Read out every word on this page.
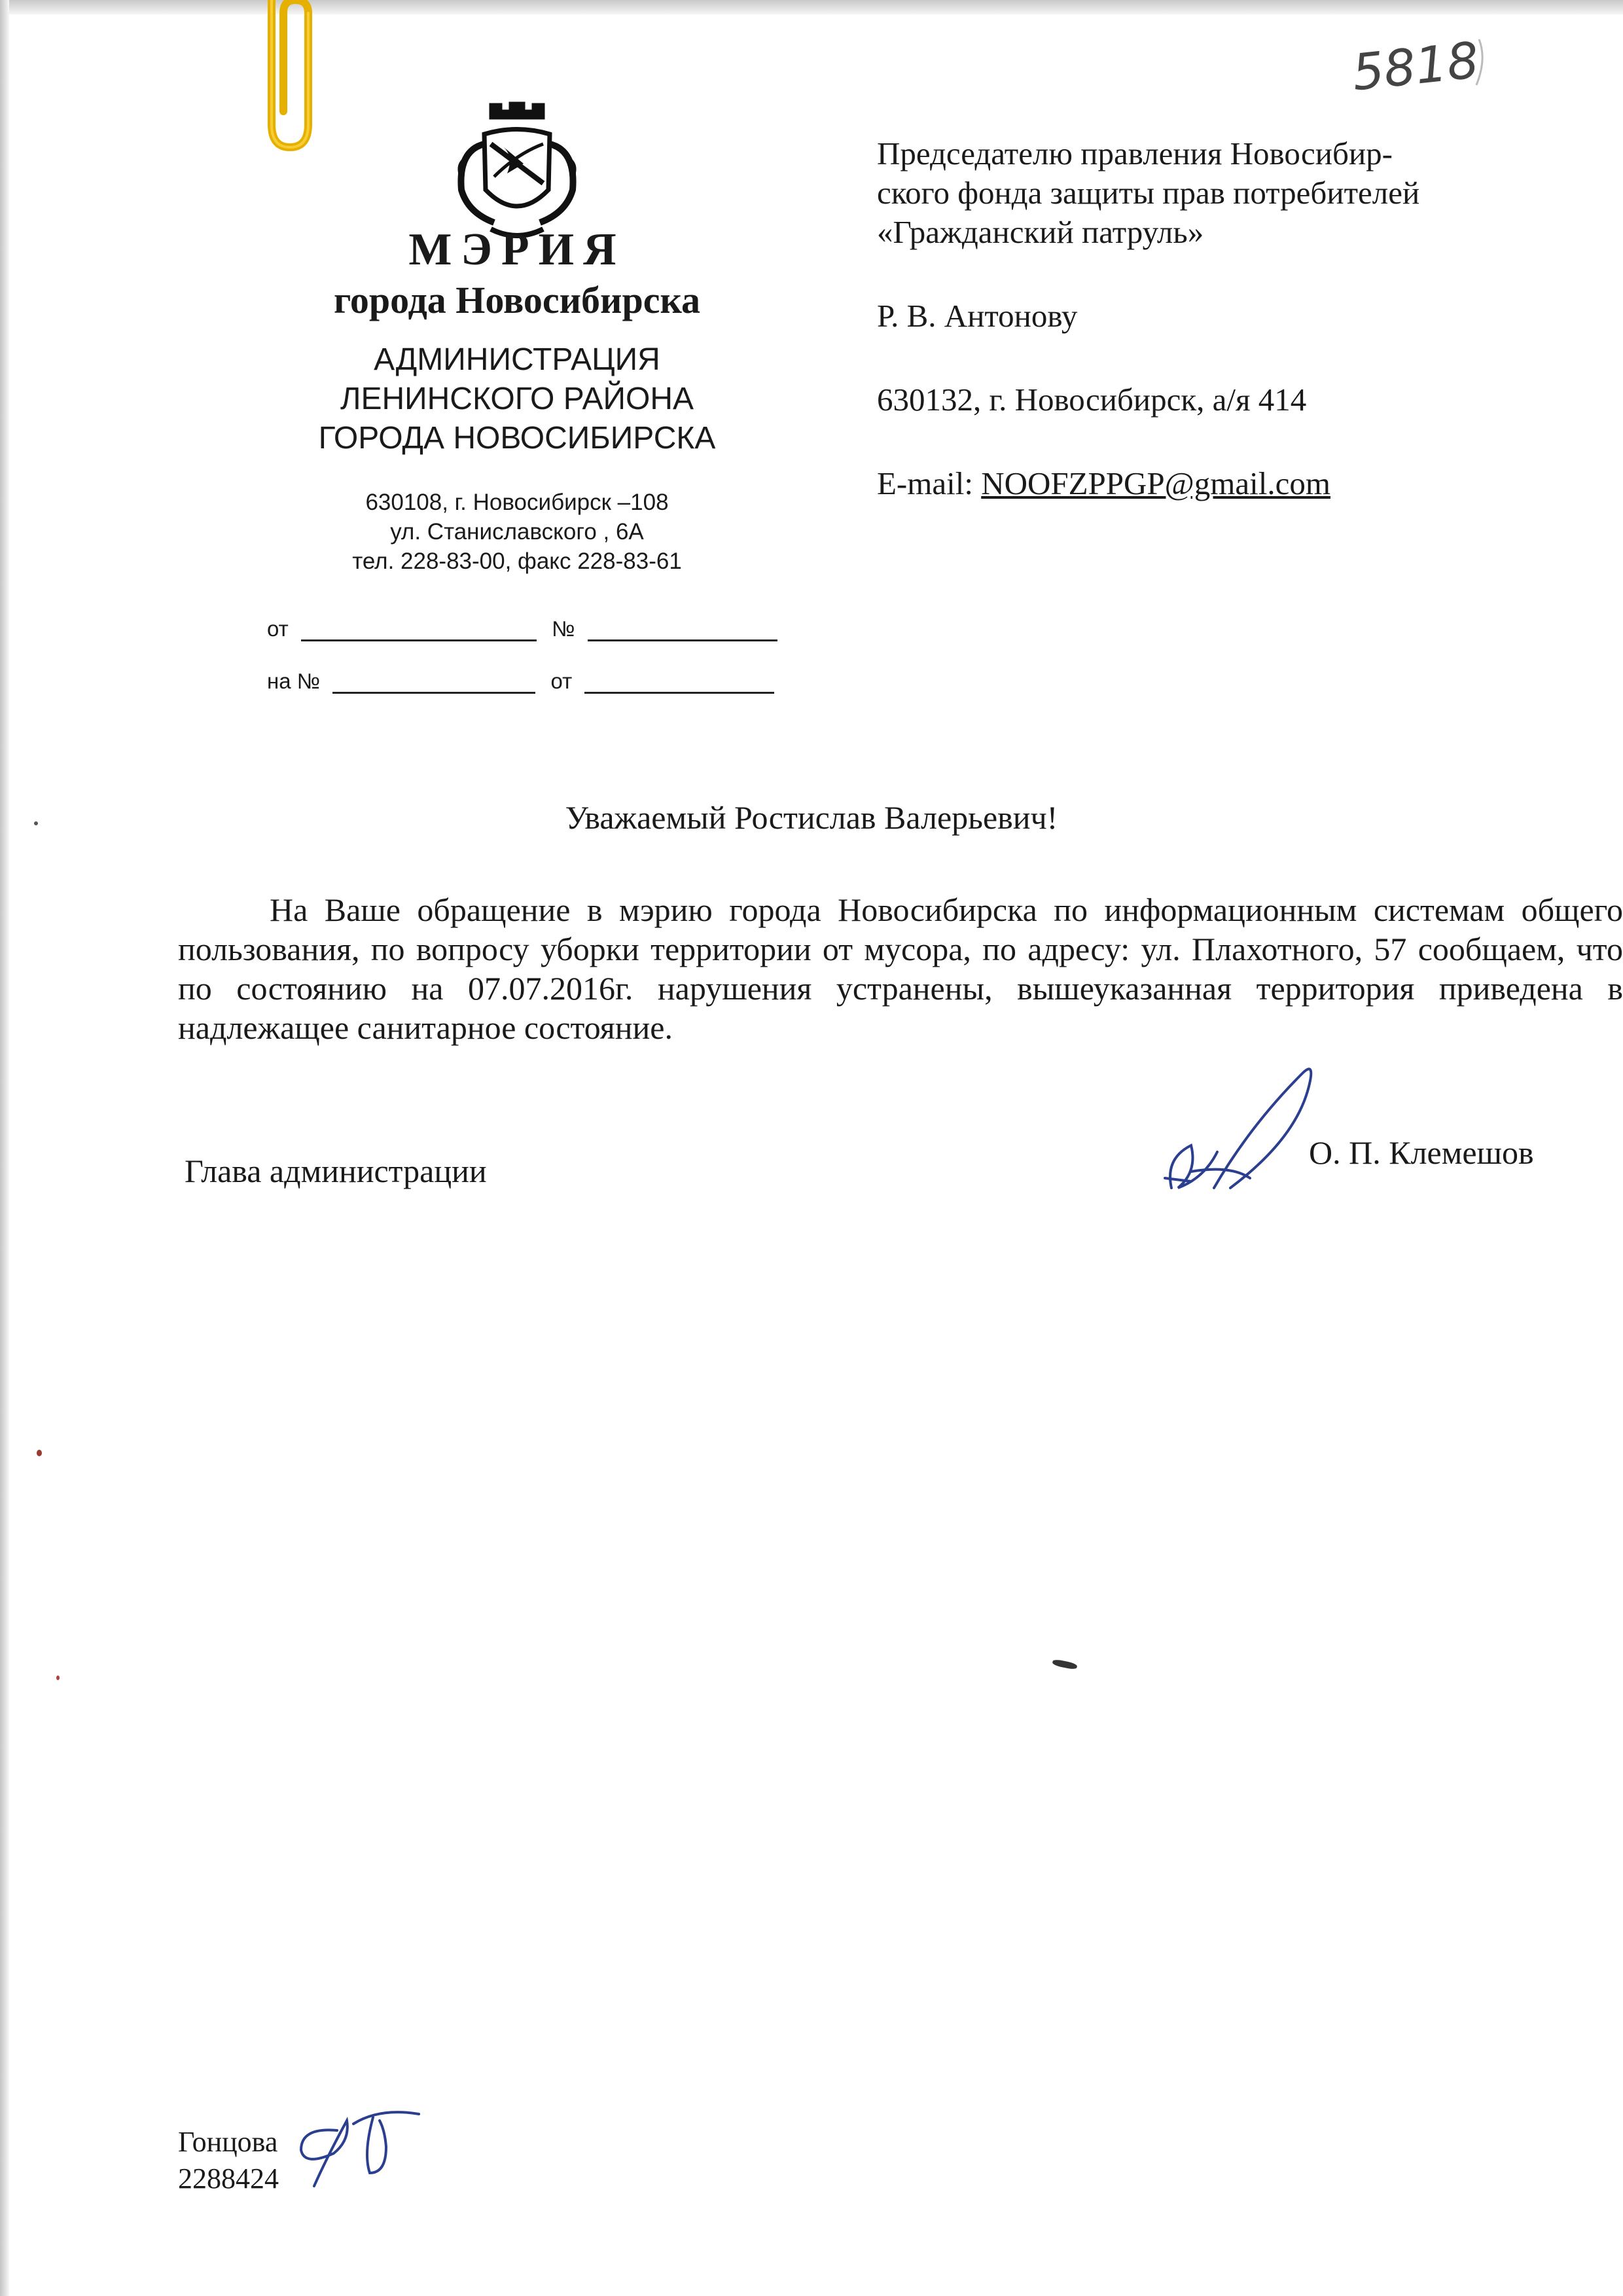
5818
МЭРИЯ
города Новосибирска
АДМИНИСТРАЦИЯ
ЛЕНИНСКОГО РАЙОНА
ГОРОДА НОВОСИБИРСКА
630108, г. Новосибирск –108
ул. Станиславского , 6А
тел. 228-83-00, факс 228-83-61
от	№
на №	от
Председателю правления Новосибир-
ского фонда защиты прав потребителей
«Гражданский патруль»
Р. В. Антонову
630132, г. Новосибирск, а/я 414
E-mail: NOOFZPPGP@gmail.com
Уважаемый Ростислав Валерьевич!

На Ваше обращение в мэрию города Новосибирска по информационным системам общего пользования, по вопросу уборки территории от мусора, по адресу: ул. Плахотного, 57 сообщаем, что по состоянию на 07.07.2016г. нарушения устранены, вышеуказанная территория приведена в надлежащее санитарное состояние.

Глава администрации	О. П. Клемешов
Гонцова
2288424
